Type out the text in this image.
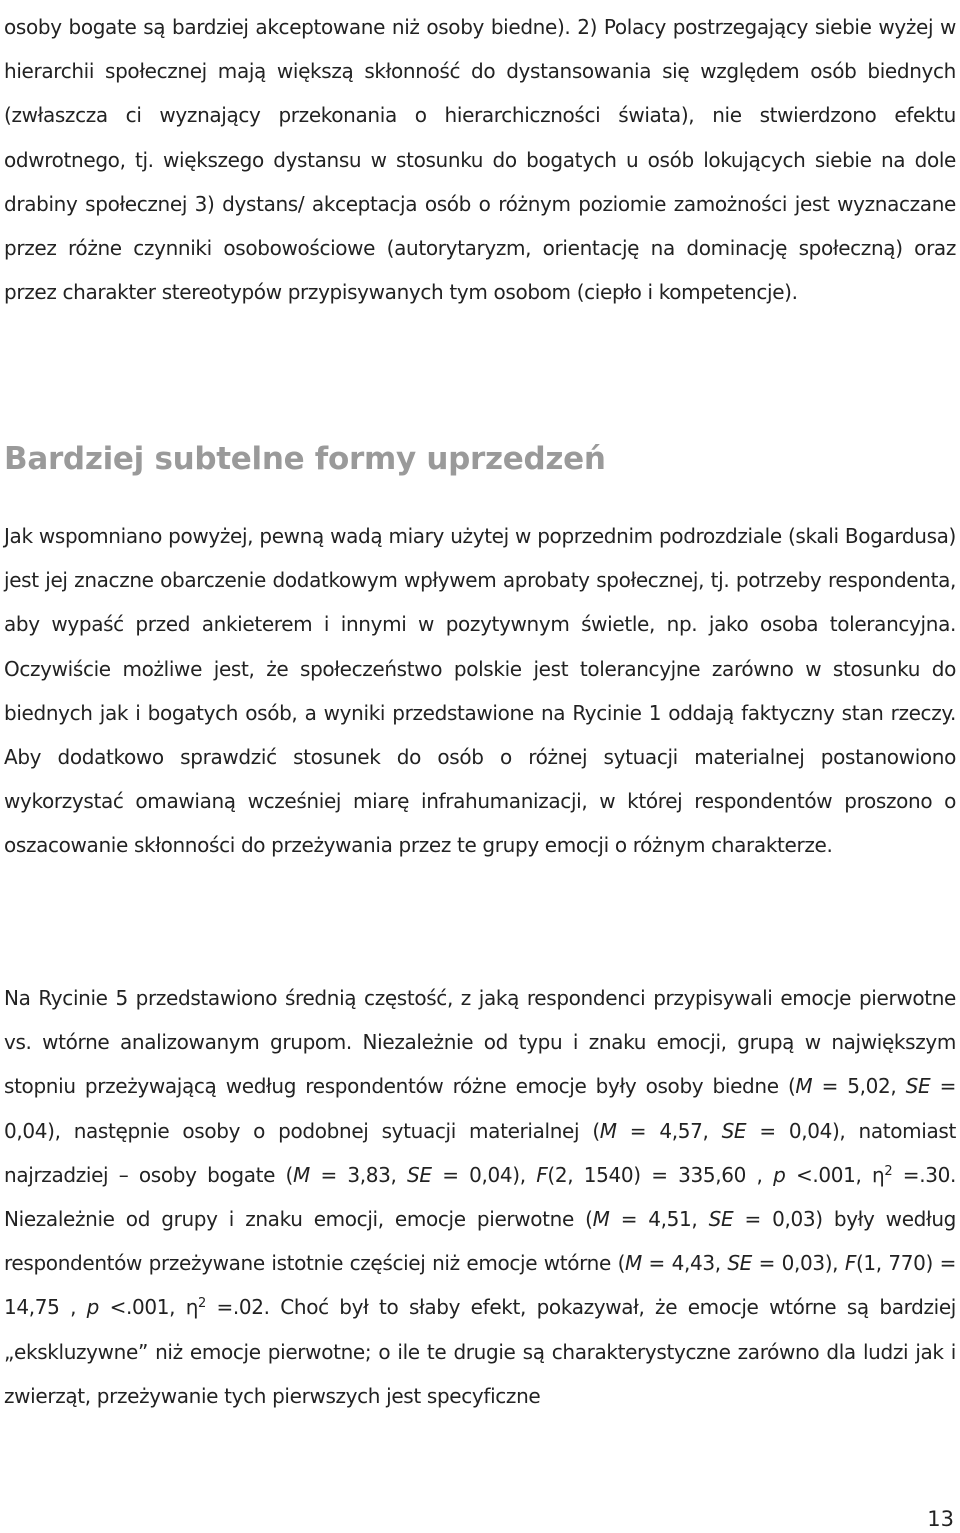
osoby bogate są bardziej akceptowane niż osoby biedne). 2) Polacy postrzegający siebie wyżej w hierarchii społecznej mają większą skłonność do dystansowania się względem osób biednych (zwłaszcza ci wyznający przekonania o hierarchiczności świata), nie stwierdzono efektu odwrotnego, tj. większego dystansu w stosunku do bogatych u osób lokujących siebie na dole drabiny społecznej 3) dystans/ akceptacja osób o różnym poziomie zamożności jest wyznaczane przez różne czynniki osobowościowe (autorytaryzm, orientację na dominację społeczną) oraz przez charakter stereotypów przypisywanych tym osobom (ciepło i kompetencje).

Bardziej subtelne formy uprzedzeń

Jak wspomniano powyżej, pewną wadą miary użytej w poprzednim podrozdziale (skali Bogardusa) jest jej znaczne obarczenie dodatkowym wpływem aprobaty społecznej, tj. potrzeby respondenta, aby wypaść przed ankieterem i innymi w pozytywnym świetle, np. jako osoba tolerancyjna. Oczywiście możliwe jest, że społeczeństwo polskie jest tolerancyjne zarówno w stosunku do biednych jak i bogatych osób, a wyniki przedstawione na Rycinie 1 oddają faktyczny stan rzeczy. Aby dodatkowo sprawdzić stosunek do osób o różnej sytuacji materialnej postanowiono wykorzystać omawianą wcześniej miarę infrahumanizacji, w której respondentów proszono o oszacowanie skłonności do przeżywania przez te grupy emocji o różnym charakterze.

Na Rycinie 5 przedstawiono średnią częstość, z jaką respondenci przypisywali emocje pierwotne vs. wtórne analizowanym grupom. Niezależnie od typu i znaku emocji, grupą w największym stopniu przeżywającą według respondentów różne emocje były osoby biedne (M = 5,02, SE = 0,04), następnie osoby o podobnej sytuacji materialnej (M = 4,57, SE = 0,04), natomiast najrzadziej – osoby bogate (M = 3,83, SE = 0,04), F(2, 1540) = 335,60 , p <.001, $\eta^2 =.30$. Niezależnie od grupy i znaku emocji, emocje pierwotne (M = 4,51, SE = 0,03) były według respondentów przeżywane istotnie częściej niż emocje wtórne (M = 4,43, SE = 0,03), F(1, 770) = 14,75 , p <.001, $\eta^2 =.02$. Choć był to słaby efekt, pokazywał, że emocje wtórne są bardziej „ekskluzywne” niż emocje pierwotne; o ile te drugie są charakterystyczne zarówno dla ludzi jak i zwierząt, przeżywanie tych pierwszych jest specyficzne

13
